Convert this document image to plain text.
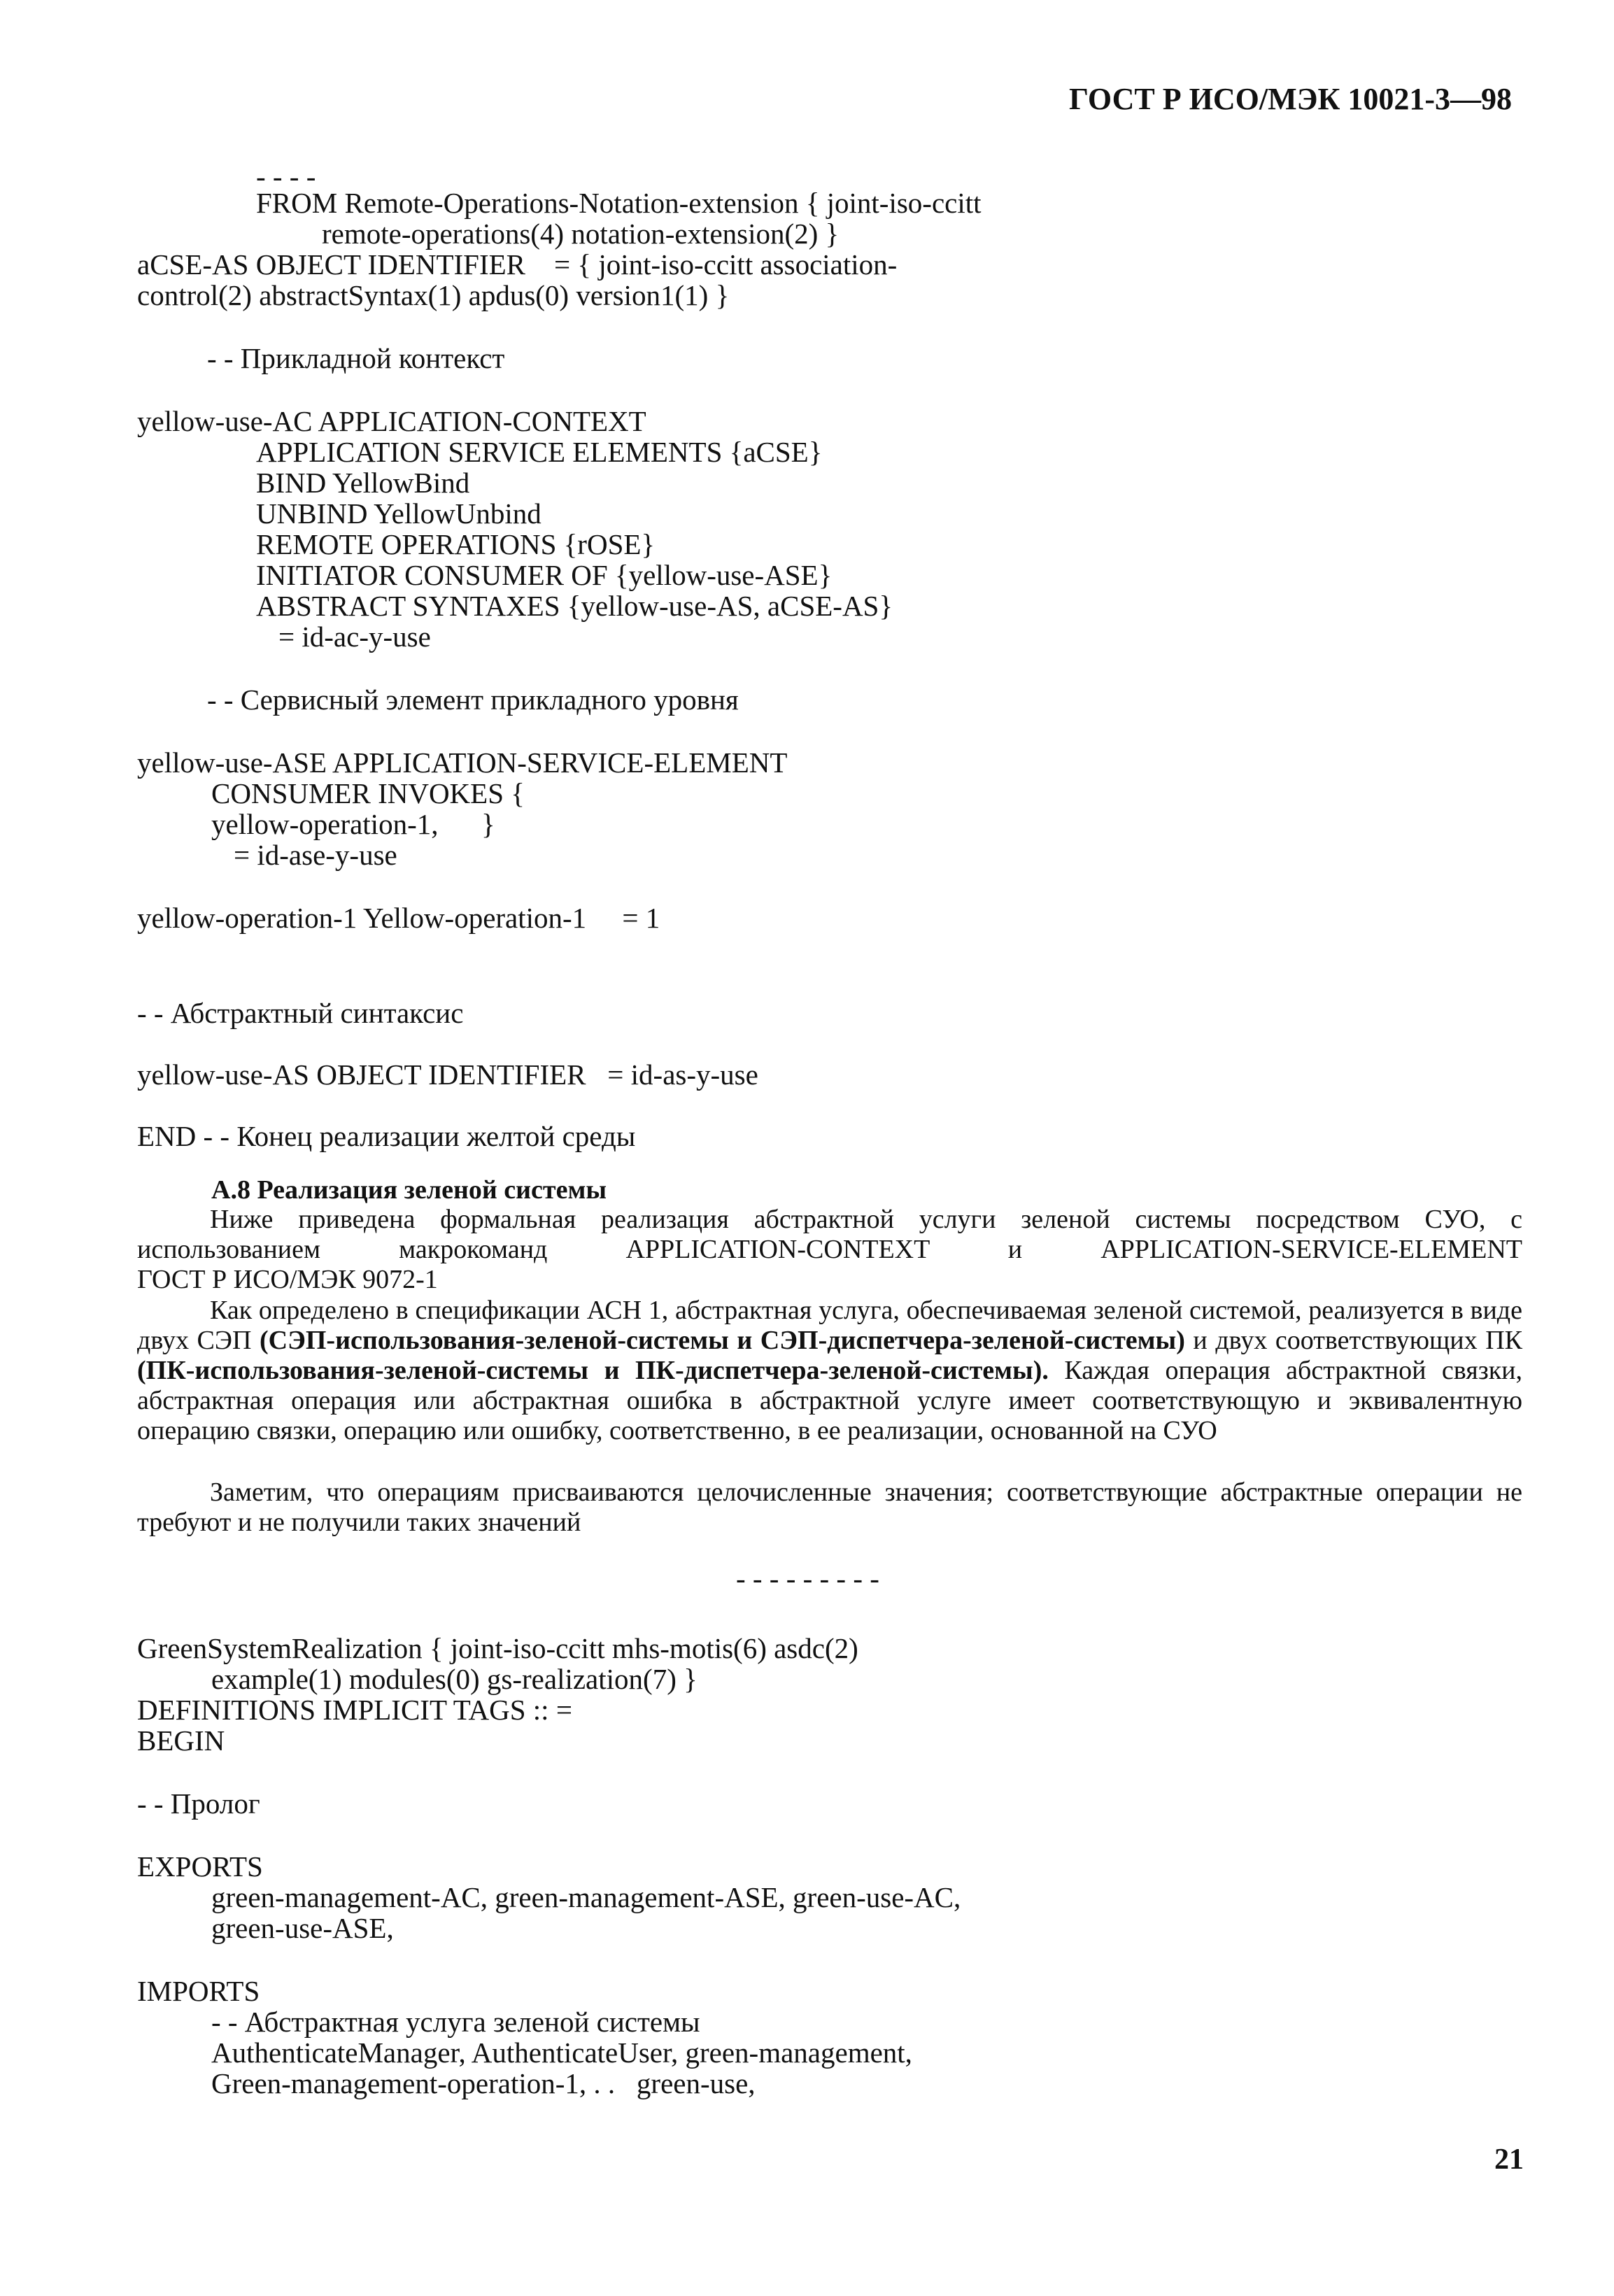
ГОСТ Р ИСО/МЭК 10021-3—98
- - - -
FROM Remote-Operations-Notation-extension { joint-iso-ccitt
remote-operations(4) notation-extension(2) }
aCSE-AS OBJECT IDENTIFIER    = { joint-iso-ccitt association-
control(2) abstractSyntax(1) apdus(0) version1(1) }
- - Прикладной контекст
yellow-use-AC APPLICATION-CONTEXT
APPLICATION SERVICE ELEMENTS {aCSE}
BIND YellowBind
UNBIND YellowUnbind
REMOTE OPERATIONS {rOSE}
INITIATOR CONSUMER OF {yellow-use-ASE}
ABSTRACT SYNTAXES {yellow-use-AS, aCSE-AS}
= id-ac-y-use
- - Сервисный элемент прикладного уровня
yellow-use-ASE APPLICATION-SERVICE-ELEMENT
CONSUMER INVOKES {
yellow-operation-1,      }
= id-ase-y-use
yellow-operation-1 Yellow-operation-1     = 1
- - Абстрактный синтаксис
yellow-use-AS OBJECT IDENTIFIER   = id-as-y-use
END - - Конец реализации желтой среды
А.8 Реализация зеленой системы
Ниже приведена формальная реализация абстрактной услуги зеленой системы посредством СУО, с использованием макрокоманд APPLICATION-CONTEXT и APPLICATION-SERVICE-ELEMENT
ГОСТ Р ИСО/МЭК 9072-1
Как определено в спецификации АСН 1, абстрактная услуга, обеспечиваемая зеленой системой, реализуется в виде двух СЭП (СЭП-использования-зеленой-системы и СЭП-диспетчера-зеленой-системы) и двух соответствующих ПК (ПК-использования-зеленой-системы и ПК-диспетчера-зеленой-системы). Каждая операция абстрактной связки, абстрактная операция или абстрактная ошибка в абстрактной услуге имеет соответствующую и эквивалентную операцию связки, операцию или ошибку, соответственно, в ее реализации, основанной на СУО
Заметим, что операциям присваиваются целочисленные значения; соответствующие абстрактные операции не требуют и не получили таких значений
- - - - - - - - -
GreenSystemRealization { joint-iso-ccitt mhs-motis(6) asdc(2)
example(1) modules(0) gs-realization(7) }
DEFINITIONS IMPLICIT TAGS :: =
BEGIN
- - Пролог
EXPORTS
green-management-AC, green-management-ASE, green-use-AC,
green-use-ASE,
IMPORTS
- - Абстрактная услуга зеленой системы
AuthenticateManager, AuthenticateUser, green-management,
Green-management-operation-1, . .   green-use,
21
